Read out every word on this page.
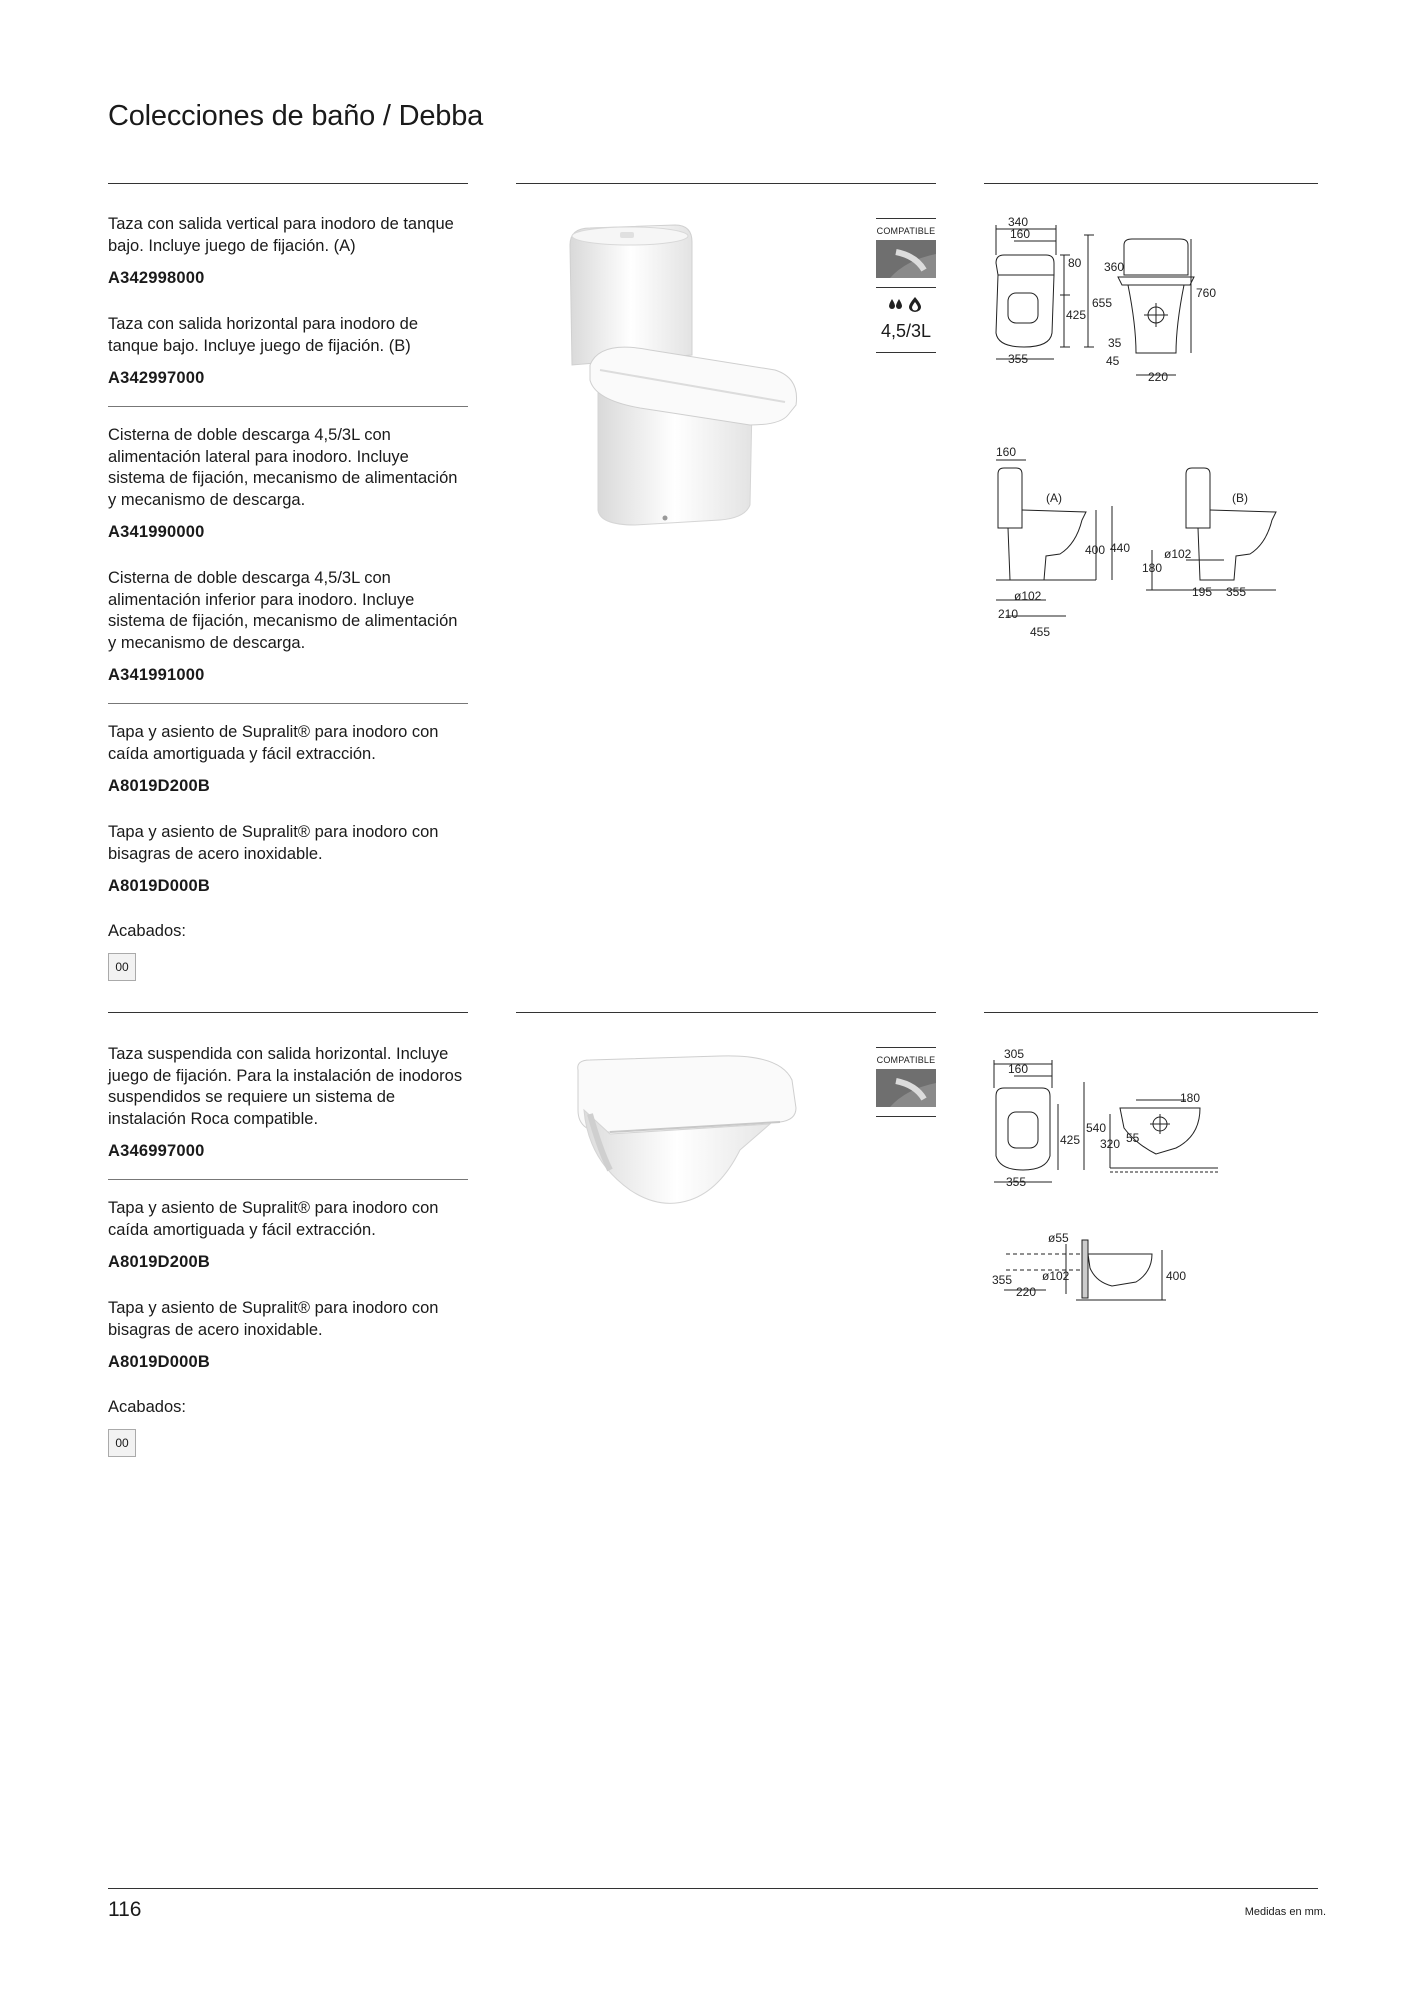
Colecciones de baño / Debba

Taza con salida vertical para inodoro de tanque bajo. Incluye juego de fijación. (A)

A342998000

Taza con salida horizontal para inodoro de tanque bajo. Incluye juego de fijación. (B)

A342997000

Cisterna de doble descarga 4,5/3L con alimentación lateral para inodoro. Incluye sistema de fijación, mecanismo de alimentación y mecanismo de descarga.

A341990000

Cisterna de doble descarga 4,5/3L con alimentación inferior para inodoro. Incluye sistema de fijación, mecanismo de alimentación y mecanismo de descarga.

A341991000

Tapa y asiento de Supralit® para inodoro con caída amortiguada y fácil extracción.

A8019D200B

Tapa y asiento de Supralit® para inodoro con bisagras de acero inoxidable.

A8019D000B

Acabados:

00
COMPATIBLE
4,5/3L
340
160
80
425
655
355
360
760
35
45
220
160
(A)	(B)
400 440
ø102
210
455
ø102
180
195 355

Taza suspendida con salida horizontal. Incluye juego de fijación. Para la instalación de inodoros suspendidos se requiere un sistema de instalación Roca compatible.

A346997000

Tapa y asiento de Supralit® para inodoro con caída amortiguada y fácil extracción.

A8019D200B

Tapa y asiento de Supralit® para inodoro con bisagras de acero inoxidable.

A8019D000B

Acabados:

00
COMPATIBLE	305
160
425
540
355
180
320 55
ø55
ø102
355
220
400
116	Medidas en mm.
